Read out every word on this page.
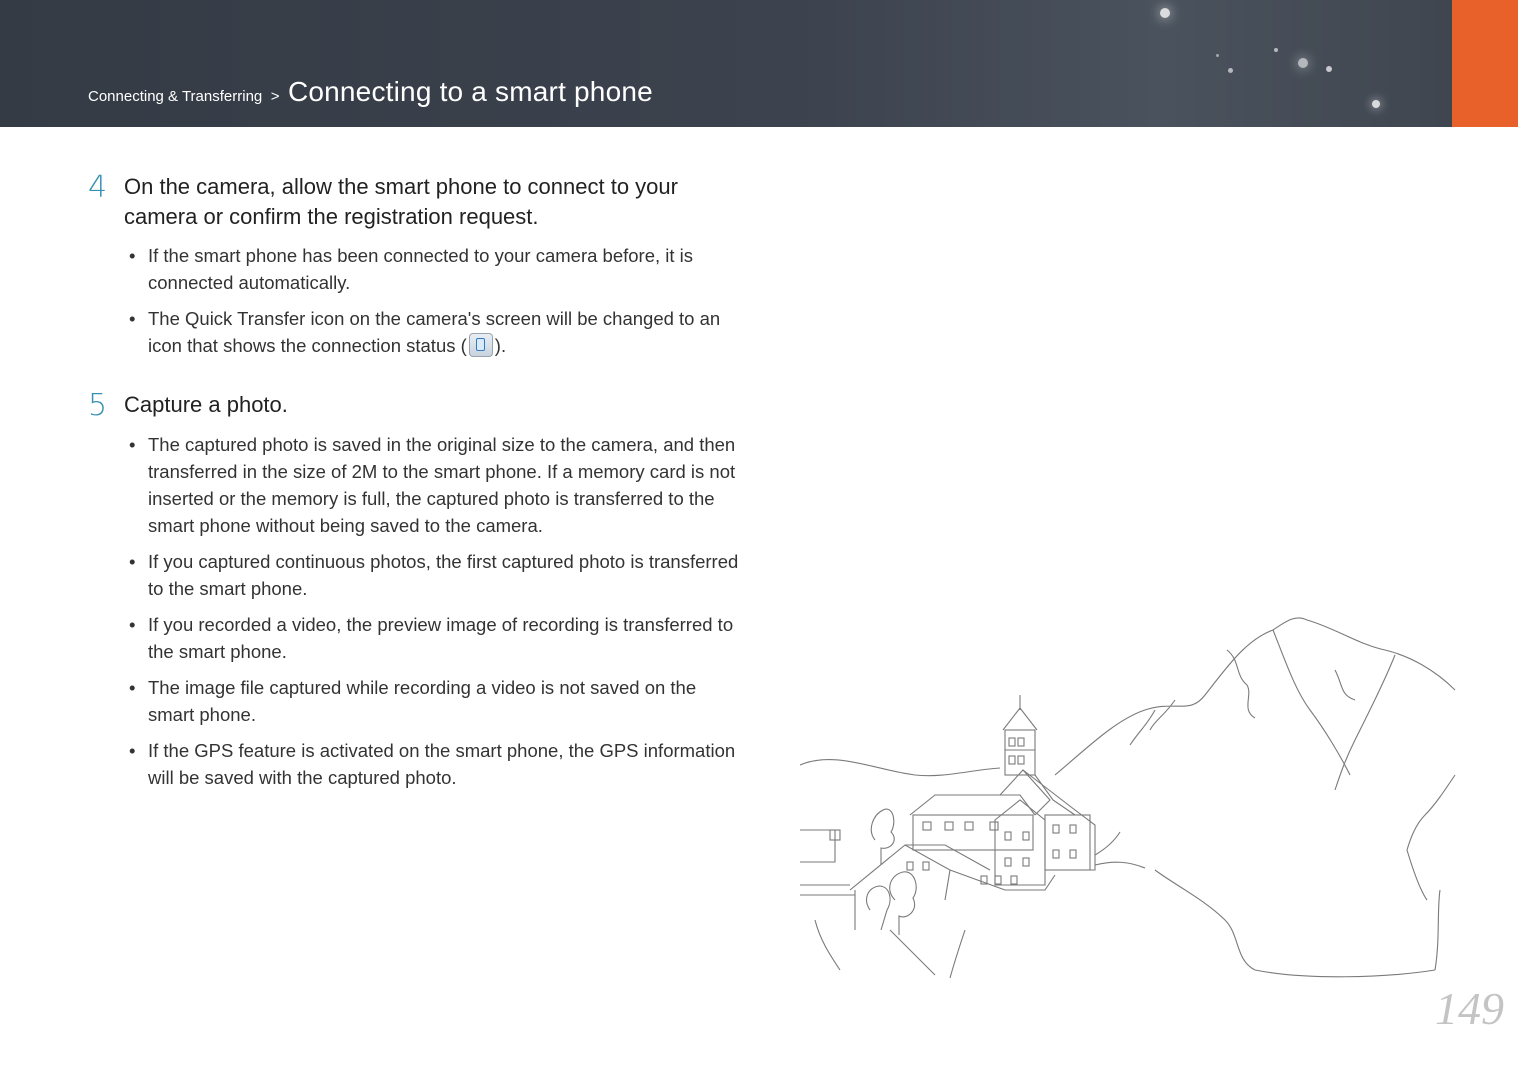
Connecting & Transferring > Connecting to a smart phone
4 On the camera, allow the smart phone to connect to your
camera or confirm the registration request.
• If the smart phone has been connected to your camera before, it is connected automatically.
• The Quick Transfer icon on the camera's screen will be changed to an icon that shows the connection status ( ).
5 Capture a photo.
• The captured photo is saved in the original size to the camera, and then transferred in the size of 2M to the smart phone. If a memory card is not inserted or the memory is full, the captured photo is transferred to the smart phone without being saved to the camera.
• If you captured continuous photos, the first captured photo is transferred to the smart phone.
• If you recorded a video, the preview image of recording is transferred to the smart phone.
• The image file captured while recording a video is not saved on the smart phone.
• If the GPS feature is activated on the smart phone, the GPS information will be saved with the captured photo.
149
